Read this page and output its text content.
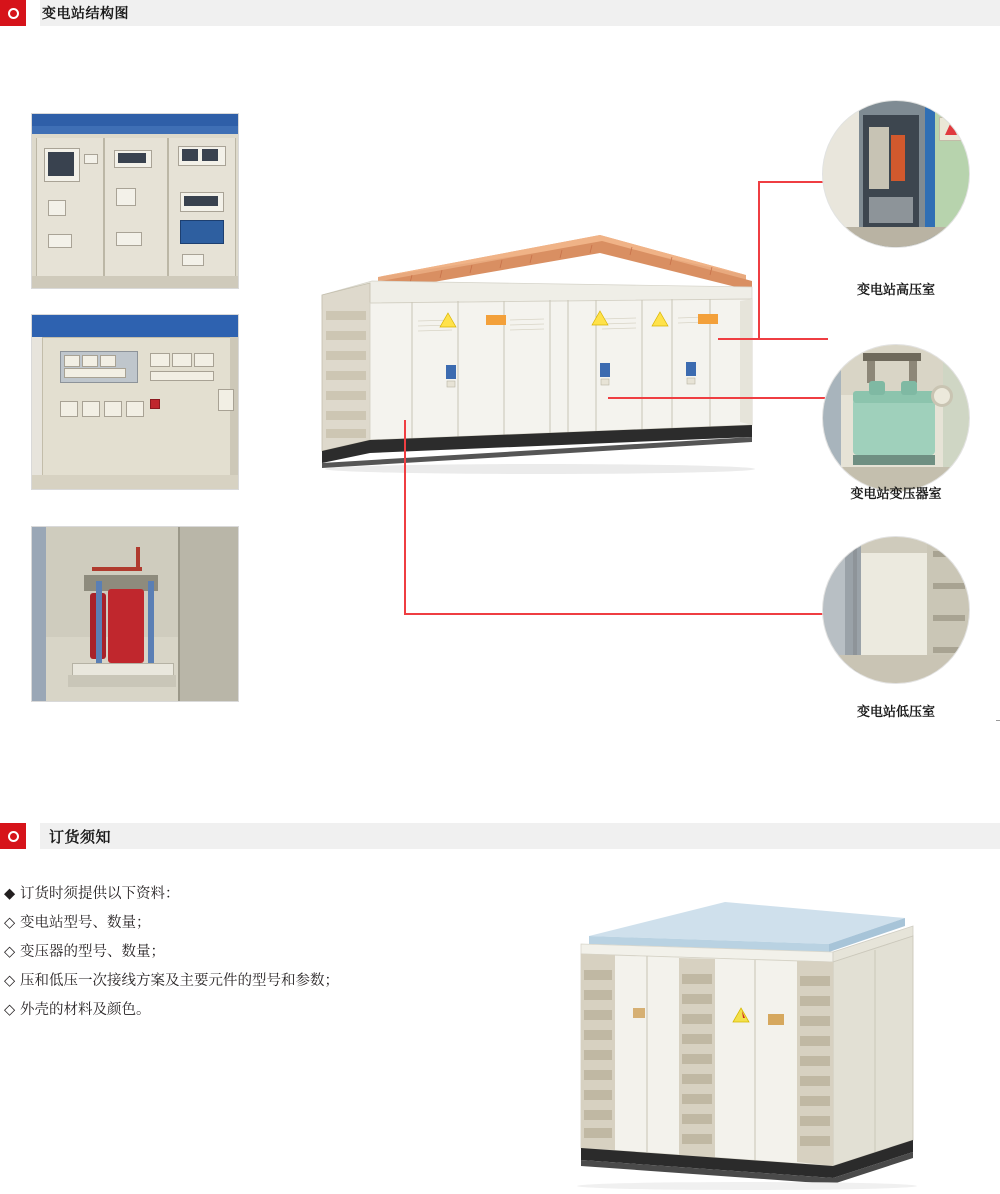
变电站结构图
变电站高压室
变电站变压器室
变电站低压室
订货须知
◆ 订货时须提供以下资料：
◇ 变电站型号、数量；
◇ 变压器的型号、数量；
◇ 压和低压一次接线方案及主要元件的型号和参数；
◇ 外壳的材料及颜色。
